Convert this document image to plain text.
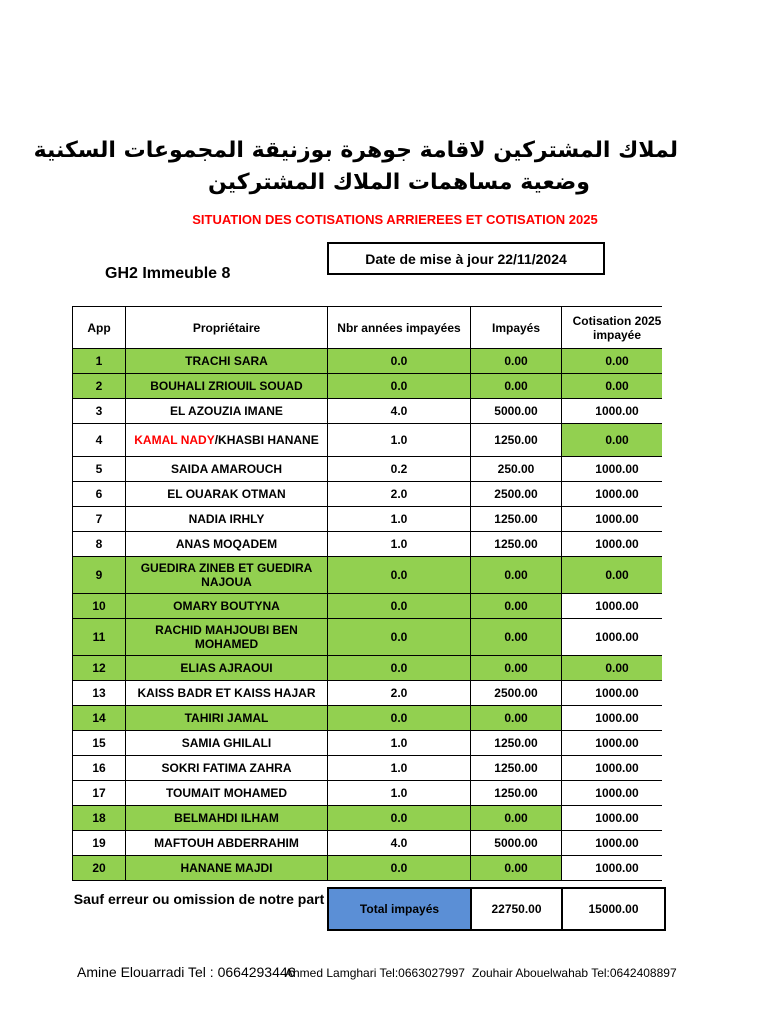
لملاك المشتركين لاقامة جوهرة بوزنيقة المجموعات السكنية
وضعية مساهمات الملاك المشتركين
SITUATION DES COTISATIONS ARRIEREES ET COTISATION 2025
Date de mise à jour 22/11/2024
GH2 Immeuble 8
App	Propriétaire	Nbr années impayées	Impayés	Cotisation 2025 impayée
1	TRACHI SARA	0.0	0.00	0.00
2	BOUHALI ZRIOUIL SOUAD	0.0	0.00	0.00
3	EL AZOUZIA IMANE	4.0	5000.00	1000.00
4	KAMAL NADY/KHASBI HANANE	1.0	1250.00	0.00
5	SAIDA AMAROUCH	0.2	250.00	1000.00
6	EL OUARAK OTMAN	2.0	2500.00	1000.00
7	NADIA IRHLY	1.0	1250.00	1000.00
8	ANAS MOQADEM	1.0	1250.00	1000.00
9	GUEDIRA ZINEB ET GUEDIRA NAJOUA	0.0	0.00	0.00
10	OMARY BOUTYNA	0.0	0.00	1000.00
11	RACHID MAHJOUBI BEN MOHAMED	0.0	0.00	1000.00
12	ELIAS AJRAOUI	0.0	0.00	0.00
13	KAISS BADR ET KAISS HAJAR	2.0	2500.00	1000.00
14	TAHIRI JAMAL	0.0	0.00	1000.00
15	SAMIA GHILALI	1.0	1250.00	1000.00
16	SOKRI FATIMA ZAHRA	1.0	1250.00	1000.00
17	TOUMAIT MOHAMED	1.0	1250.00	1000.00
18	BELMAHDI ILHAM	0.0	0.00	1000.00
19	MAFTOUH ABDERRAHIM	4.0	5000.00	1000.00
20	HANANE MAJDI	0.0	0.00	1000.00
Sauf erreur ou omission de notre part
Total impayés	22750.00	15000.00
Amine Elouarradi Tel : 0664293446
Ahmed Lamghari Tel:0663027997 Zouhair Abouelwahab Tel:0642408897
